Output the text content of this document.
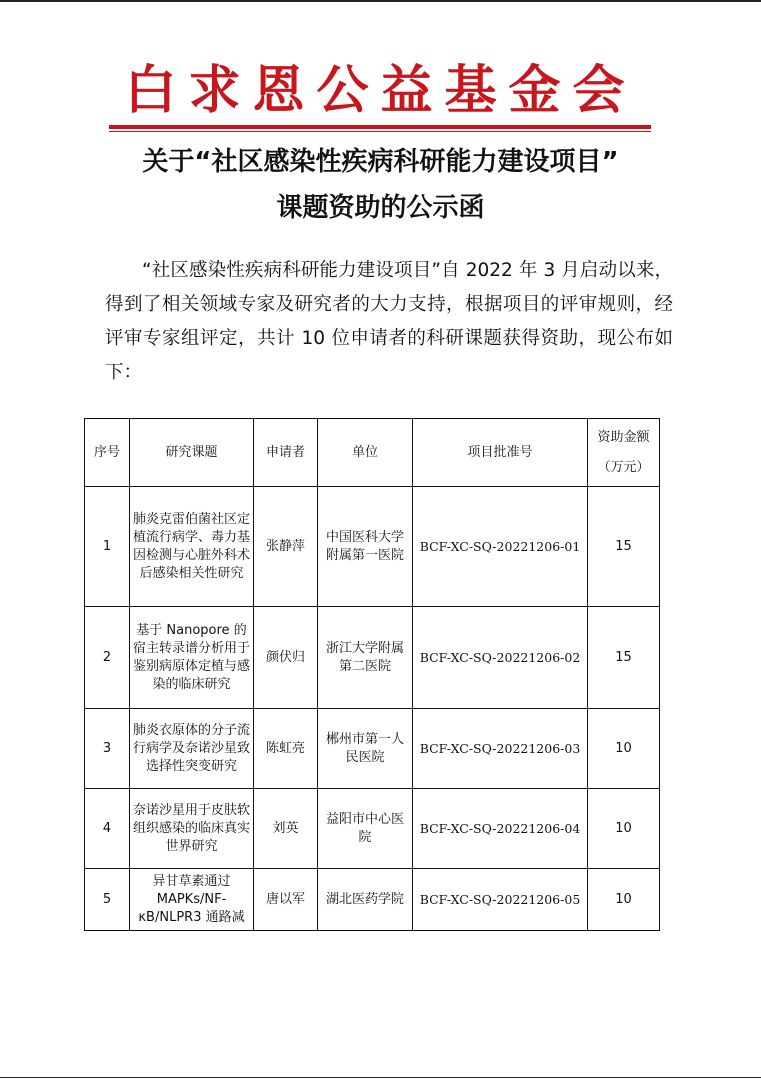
白求恩公益基金会
关于“社区感染性疾病科研能力建设项目”
课题资助的公示函

“社区感染性疾病科研能力建设项目”自 2022 年 3 月启动以来，得到了相关领域专家及研究者的大力支持，根据项目的评审规则，经评审专家组评定，共计 10 位申请者的科研课题获得资助，现公布如下：

序号	研究课题	申请者	单位	项目批准号	资助金额
（万元）

1	肺炎克雷伯菌社区定植流行病学、毒力基因检测与心脏外科术后感染相关性研究	张静萍	中国医科大学附属第一医院	BCF-XC-SQ-20221206-01	15
2	基于 Nanopore 的宿主转录谱分析用于鉴别病原体定植与感染的临床研究	颜伏归	浙江大学附属第二医院	BCF-XC-SQ-20221206-02	15
3	肺炎衣原体的分子流行病学及奈诺沙星致选择性突变研究	陈虹亮	郴州市第一人民医院	BCF-XC-SQ-20221206-03	10
4	奈诺沙星用于皮肤软组织感染的临床真实世界研究	刘英	益阳市中心医院	BCF-XC-SQ-20221206-04	10
5	异甘草素通过MAPKs/NF-κB/NLPR3 通路减	唐以军	湖北医药学院	BCF-XC-SQ-20221206-05	10
